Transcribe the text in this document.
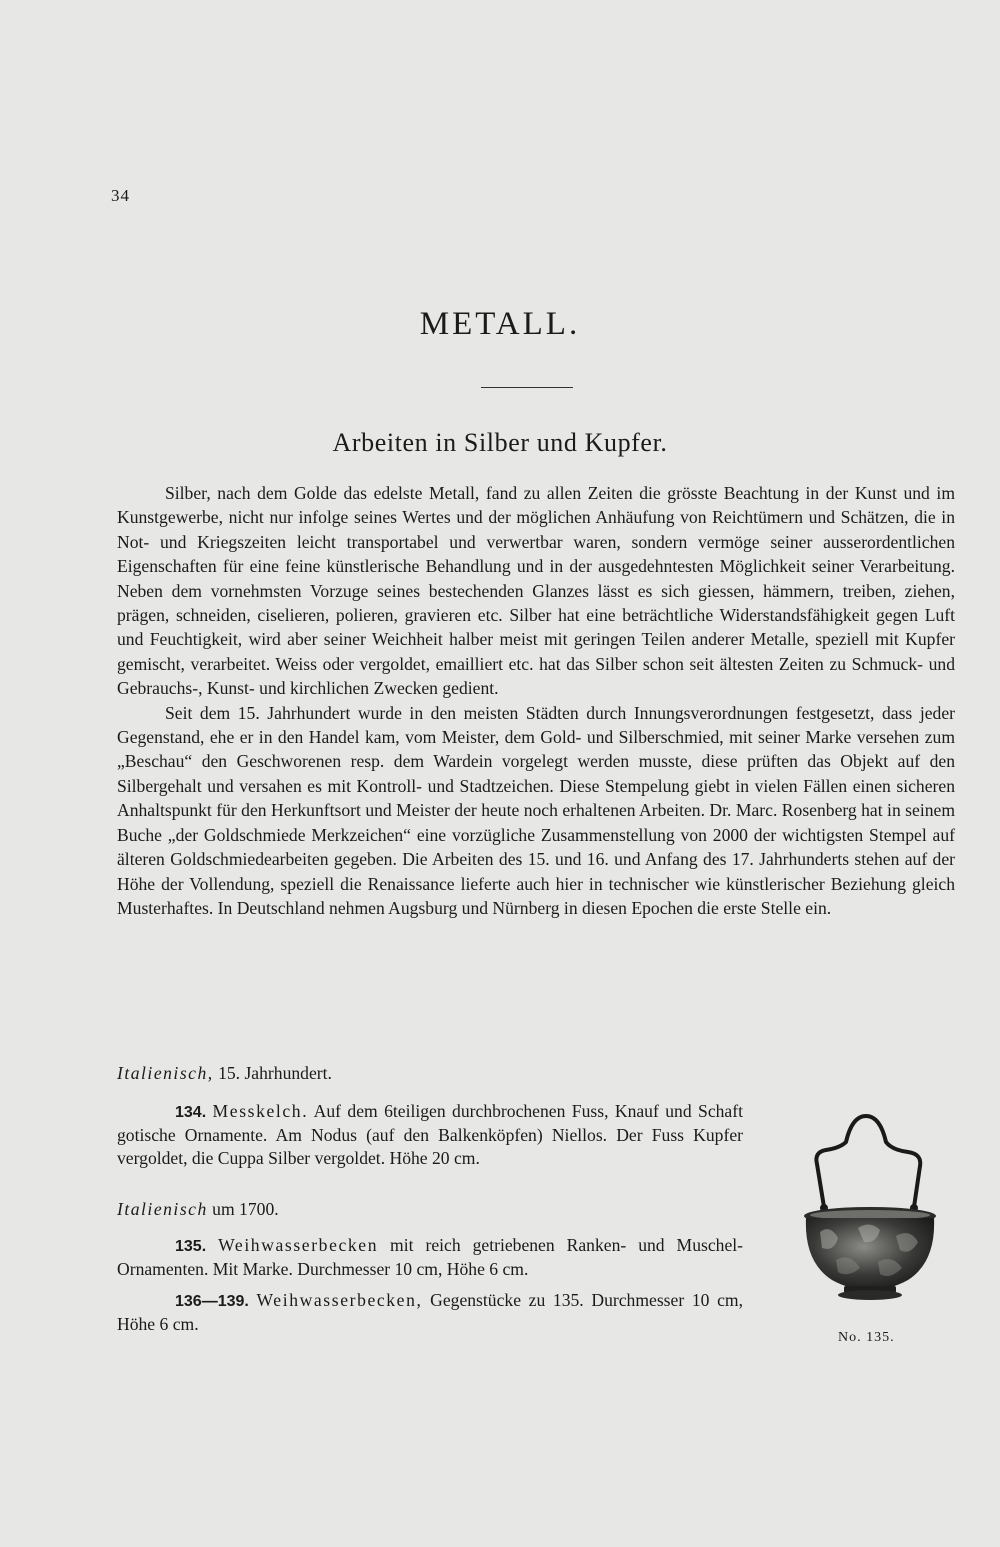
34
METALL.
Arbeiten in Silber und Kupfer.

Silber, nach dem Golde das edelste Metall, fand zu allen Zeiten die grösste Beachtung in der Kunst und im Kunstgewerbe, nicht nur infolge seines Wertes und der möglichen Anhäufung von Reichtümern und Schätzen, die in Not- und Kriegszeiten leicht transportabel und verwertbar waren, sondern vermöge seiner ausserordentlichen Eigenschaften für eine feine künstlerische Behandlung und in der ausgedehntesten Möglichkeit seiner Verarbeitung. Neben dem vornehmsten Vorzuge seines bestechenden Glanzes lässt es sich giessen, hämmern, treiben, ziehen, prägen, schneiden, ciselieren, polieren, gravieren etc. Silber hat eine beträchtliche Widerstandsfähigkeit gegen Luft und Feuchtigkeit, wird aber seiner Weichheit halber meist mit geringen Teilen anderer Metalle, speziell mit Kupfer gemischt, verarbeitet. Weiss oder vergoldet, emailliert etc. hat das Silber schon seit ältesten Zeiten zu Schmuck- und Gebrauchs-, Kunst- und kirchlichen Zwecken gedient.

Seit dem 15. Jahrhundert wurde in den meisten Städten durch Innungsverordnungen festgesetzt, dass jeder Gegenstand, ehe er in den Handel kam, vom Meister, dem Gold- und Silberschmied, mit seiner Marke versehen zum „Beschau“ den Geschworenen resp. dem Wardein vorgelegt werden musste, diese prüften das Objekt auf den Silbergehalt und versahen es mit Kontroll- und Stadtzeichen. Diese Stempelung giebt in vielen Fällen einen sicheren Anhaltspunkt für den Herkunftsort und Meister der heute noch erhaltenen Arbeiten. Dr. Marc. Rosenberg hat in seinem Buche „der Goldschmiede Merkzeichen“ eine vorzügliche Zusammenstellung von 2000 der wichtigsten Stempel auf älteren Goldschmiedearbeiten gegeben. Die Arbeiten des 15. und 16. und Anfang des 17. Jahrhunderts stehen auf der Höhe der Vollendung, speziell die Renaissance lieferte auch hier in technischer wie künstlerischer Beziehung gleich Musterhaftes. In Deutschland nehmen Augsburg und Nürnberg in diesen Epochen die erste Stelle ein.

Italienisch, 15. Jahrhundert.

134. Messkelch. Auf dem 6teiligen durchbrochenen Fuss, Knauf und Schaft gotische Ornamente. Am Nodus (auf den Balkenköpfen) Niellos. Der Fuss Kupfer vergoldet, die Cuppa Silber vergoldet. Höhe 20 cm.

Italienisch um 1700.

135. Weihwasserbecken mit reich getriebenen Ranken- und Muschel-Ornamenten. Mit Marke. Durchmesser 10 cm, Höhe 6 cm.

136—139. Weihwasserbecken, Gegenstücke zu 135. Durchmesser 10 cm, Höhe 6 cm.

No. 135.
